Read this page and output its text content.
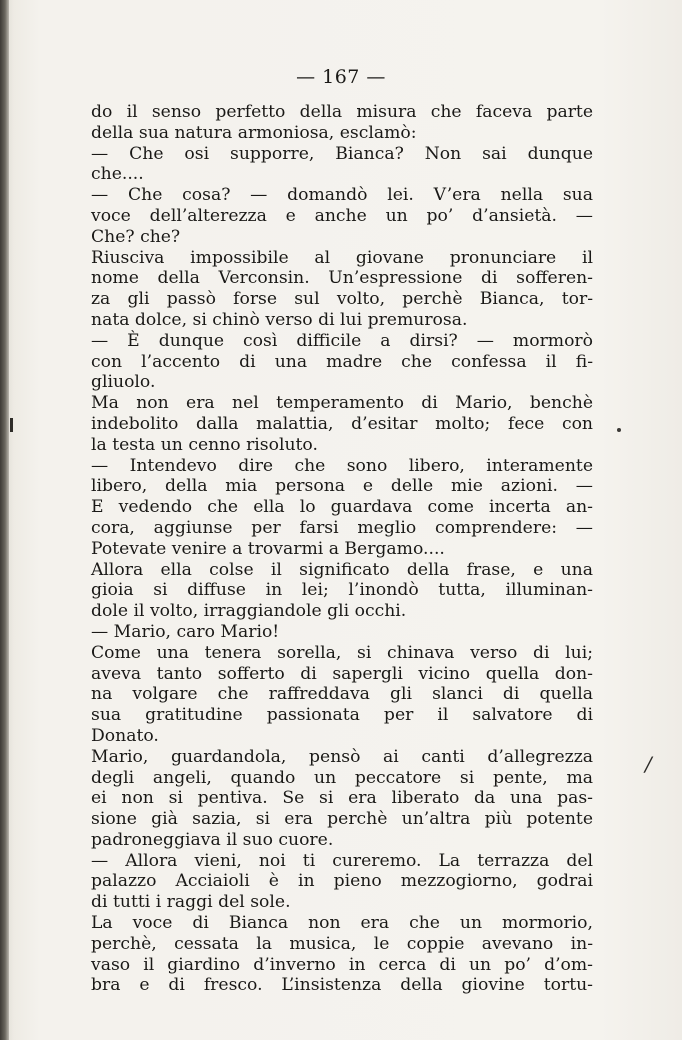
/
— 167 —
do il senso perfetto della misura che faceva parte
della sua natura armoniosa, esclamò:
— Che osi supporre, Bianca? Non sai dunque
che....
— Che cosa? — domandò lei. V’era nella sua
voce dell’alterezza e anche un po’ d’ansietà. —
Che? che?
Riusciva impossibile al giovane pronunciare il
nome della Verconsin. Un’espressione di sofferen-
za gli passò forse sul volto, perchè Bianca, tor-
nata dolce, si chinò verso di lui premurosa.
— È dunque così difficile a dirsi? — mormorò
con l’accento di una madre che confessa il fi-
gliuolo.
Ma non era nel temperamento di Mario, benchè
indebolito dalla malattia, d’esitar molto; fece con
la testa un cenno risoluto.
— Intendevo dire che sono libero, interamente
libero, della mia persona e delle mie azioni. —
E vedendo che ella lo guardava come incerta an-
cora, aggiunse per farsi meglio comprendere: —
Potevate venire a trovarmi a Bergamo....
Allora ella colse il significato della frase, e una
gioia si diffuse in lei; l’inondò tutta, illuminan-
dole il volto, irraggiandole gli occhi.
— Mario, caro Mario!
Come una tenera sorella, si chinava verso di lui;
aveva tanto sofferto di sapergli vicino quella don-
na volgare che raffreddava gli slanci di quella
sua gratitudine passionata per il salvatore di
Donato.
Mario, guardandola, pensò ai canti d’allegrezza
degli angeli, quando un peccatore si pente, ma
ei non si pentiva. Se si era liberato da una pas-
sione già sazia, si era perchè un’altra più potente
padroneggiava il suo cuore.
— Allora vieni, noi ti cureremo. La terrazza del
palazzo Acciaioli è in pieno mezzogiorno, godrai
di tutti i raggi del sole.
La voce di Bianca non era che un mormorio,
perchè, cessata la musica, le coppie avevano in-
vaso il giardino d’inverno in cerca di un po’ d’om-
bra e di fresco. L’insistenza della giovine tortu-
